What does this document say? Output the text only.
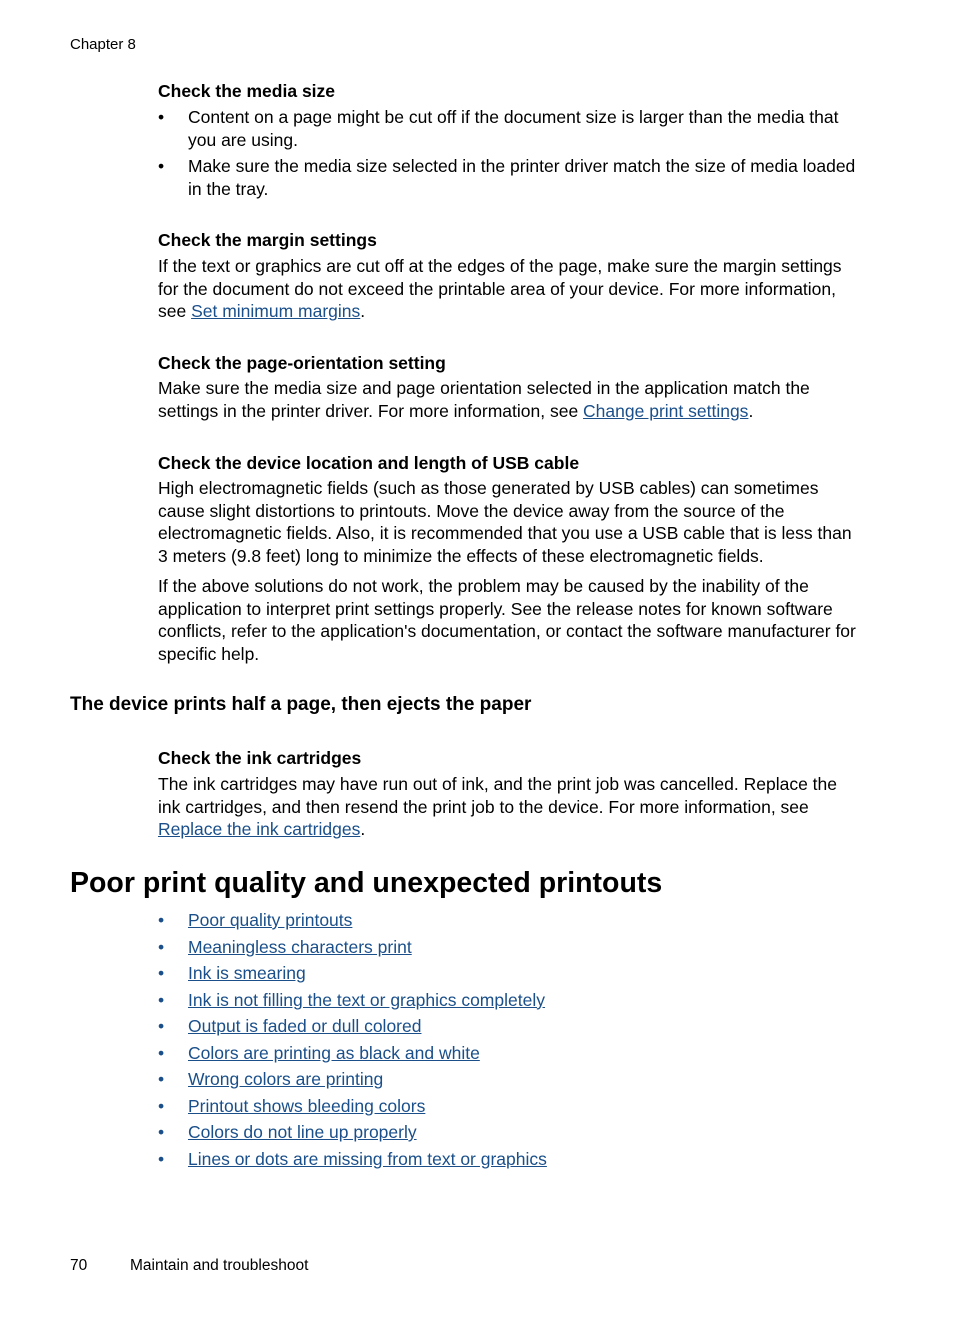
Chapter 8
Check the media size
• Content on a page might be cut off if the document size is larger than the media that you are using.
• Make sure the media size selected in the printer driver match the size of media loaded in the tray.
Check the margin settings

If the text or graphics are cut off at the edges of the page, make sure the margin settings for the document do not exceed the printable area of your device. For more information, see Set minimum margins.

Check the page-orientation setting

Make sure the media size and page orientation selected in the application match the settings in the printer driver. For more information, see Change print settings.

Check the device location and length of USB cable

High electromagnetic fields (such as those generated by USB cables) can sometimes cause slight distortions to printouts. Move the device away from the source of the electromagnetic fields. Also, it is recommended that you use a USB cable that is less than 3 meters (9.8 feet) long to minimize the effects of these electromagnetic fields.

If the above solutions do not work, the problem may be caused by the inability of the application to interpret print settings properly. See the release notes for known software conflicts, refer to the application's documentation, or contact the software manufacturer for specific help.

The device prints half a page, then ejects the paper
Check the ink cartridges

The ink cartridges may have run out of ink, and the print job was cancelled. Replace the ink cartridges, and then resend the print job to the device. For more information, see Replace the ink cartridges.

Poor print quality and unexpected printouts
• Poor quality printouts
• Meaningless characters print
• Ink is smearing
• Ink is not filling the text or graphics completely
• Output is faded or dull colored
• Colors are printing as black and white
• Wrong colors are printing
• Printout shows bleeding colors
• Colors do not line up properly
• Lines or dots are missing from text or graphics
70	Maintain and troubleshoot
